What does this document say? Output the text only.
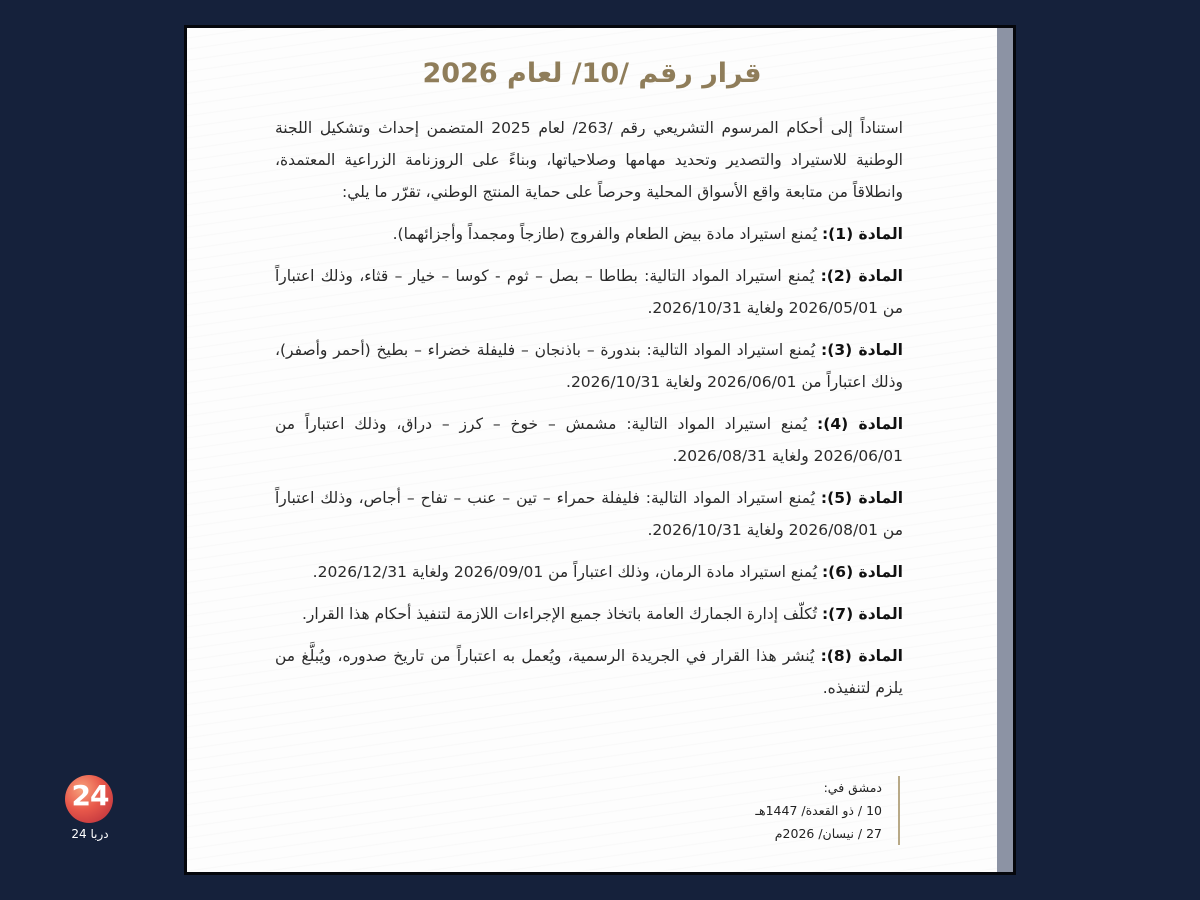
قرار رقم /10/ لعام 2026

استناداً إلى أحكام المرسوم التشريعي رقم /263/ لعام 2025 المتضمن إحداث وتشكيل اللجنة الوطنية للاستيراد والتصدير وتحديد مهامها وصلاحياتها، وبناءً على الروزنامة الزراعية المعتمدة، وانطلاقاً من متابعة واقع الأسواق المحلية وحرصاً على حماية المنتج الوطني، تقرّر ما يلي:

المادة (1): يُمنع استيراد مادة بيض الطعام والفروج (طازجاً ومجمداً وأجزائهما).

المادة (2): يُمنع استيراد المواد التالية: بطاطا – بصل – ثوم - كوسا – خيار – قثاء، وذلك اعتباراً من 2026/05/01 ولغاية 2026/10/31.

المادة (3): يُمنع استيراد المواد التالية: بندورة – باذنجان – فليفلة خضراء – بطيخ (أحمر وأصفر)، وذلك اعتباراً من 2026/06/01 ولغاية 2026/10/31.

المادة (4): يُمنع استيراد المواد التالية: مشمش – خوخ – كرز – دراق، وذلك اعتباراً من 2026/06/01 ولغاية 2026/08/31.

المادة (5): يُمنع استيراد المواد التالية: فليفلة حمراء – تين – عنب – تفاح – أجاص، وذلك اعتباراً من 2026/08/01 ولغاية 2026/10/31.

المادة (6): يُمنع استيراد مادة الرمان، وذلك اعتباراً من 2026/09/01 ولغاية 2026/12/31.

المادة (7): تُكلّف إدارة الجمارك العامة باتخاذ جميع الإجراءات اللازمة لتنفيذ أحكام هذا القرار.

المادة (8): يُنشر هذا القرار في الجريدة الرسمية، ويُعمل به اعتباراً من تاريخ صدوره، ويُبلَّغ من يلزم لتنفيذه.

دمشق في:
10 / ذو القعدة/ 1447هـ
27 / نيسان/ 2026م
24
دربا 24
